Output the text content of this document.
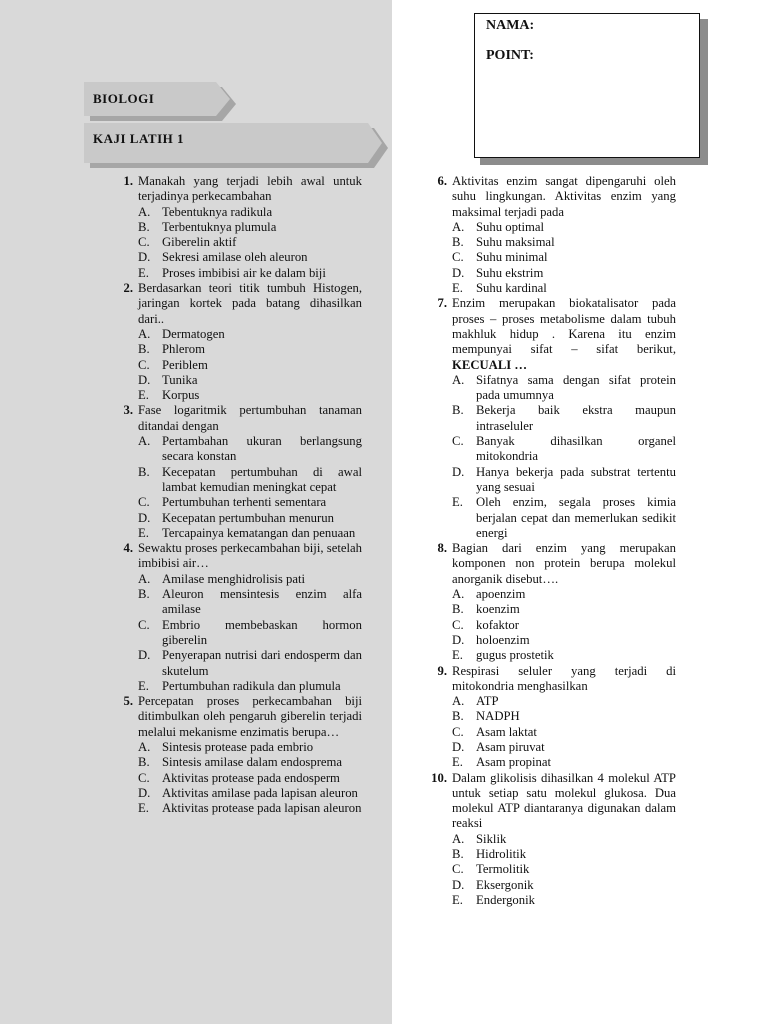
BIOLOGI
KAJI LATIH 1
NAMA:
POINT:
1. Manakah yang terjadi lebih awal untuk terjadinya perkecambahan
A. Tebentuknya radikula
B. Terbentuknya plumula
C. Giberelin aktif
D. Sekresi amilase oleh aleuron
E. Proses imbibisi air ke dalam biji
2. Berdasarkan teori titik tumbuh Histogen, jaringan kortek pada batang dihasilkan dari..
A. Dermatogen
B. Phlerom
C. Periblem
D. Tunika
E. Korpus
3. Fase logaritmik pertumbuhan tanaman ditandai dengan
A. Pertambahan ukuran berlangsung secara konstan
B. Kecepatan pertumbuhan di awal lambat kemudian meningkat cepat
C. Pertumbuhan terhenti sementara
D. Kecepatan pertumbuhan menurun
E. Tercapainya kematangan dan penuaan
4. Sewaktu proses perkecambahan biji, setelah imbibisi air…
A. Amilase menghidrolisis pati
B. Aleuron mensintesis enzim alfa amilase
C. Embrio membebaskan hormon giberelin
D. Penyerapan nutrisi dari endosperm dan skutelum
E. Pertumbuhan radikula dan plumula
5. Percepatan proses perkecambahan biji ditimbulkan oleh pengaruh giberelin terjadi melalui mekanisme enzimatis berupa…
A. Sintesis protease pada embrio
B. Sintesis amilase dalam endosprema
C. Aktivitas protease pada endosperm
D. Aktivitas amilase pada lapisan aleuron
E. Aktivitas protease pada lapisan aleuron
6. Aktivitas enzim sangat dipengaruhi oleh suhu lingkungan. Aktivitas enzim yang maksimal terjadi pada
A. Suhu optimal
B. Suhu maksimal
C. Suhu minimal
D. Suhu ekstrim
E. Suhu kardinal
7. Enzim merupakan biokatalisator pada proses – proses metabolisme dalam tubuh makhluk hidup . Karena itu enzim mempunyai sifat – sifat berikut, KECUALI …
A. Sifatnya sama dengan sifat protein pada umumnya
B. Bekerja baik ekstra maupun intraseluler
C. Banyak dihasilkan organel mitokondria
D. Hanya bekerja pada substrat tertentu yang sesuai
E. Oleh enzim, segala proses kimia berjalan cepat dan memerlukan sedikit energi
8. Bagian dari enzim yang merupakan komponen non protein berupa molekul anorganik disebut….
A. apoenzim
B. koenzim
C. kofaktor
D. holoenzim
E. gugus prostetik
9. Respirasi seluler yang terjadi di mitokondria menghasilkan
A. ATP
B. NADPH
C. Asam laktat
D. Asam piruvat
E. Asam propinat
10. Dalam glikolisis dihasilkan 4 molekul ATP untuk setiap satu molekul glukosa. Dua molekul ATP diantaranya digunakan dalam reaksi
A. Siklik
B. Hidrolitik
C. Termolitik
D. Eksergonik
E. Endergonik
